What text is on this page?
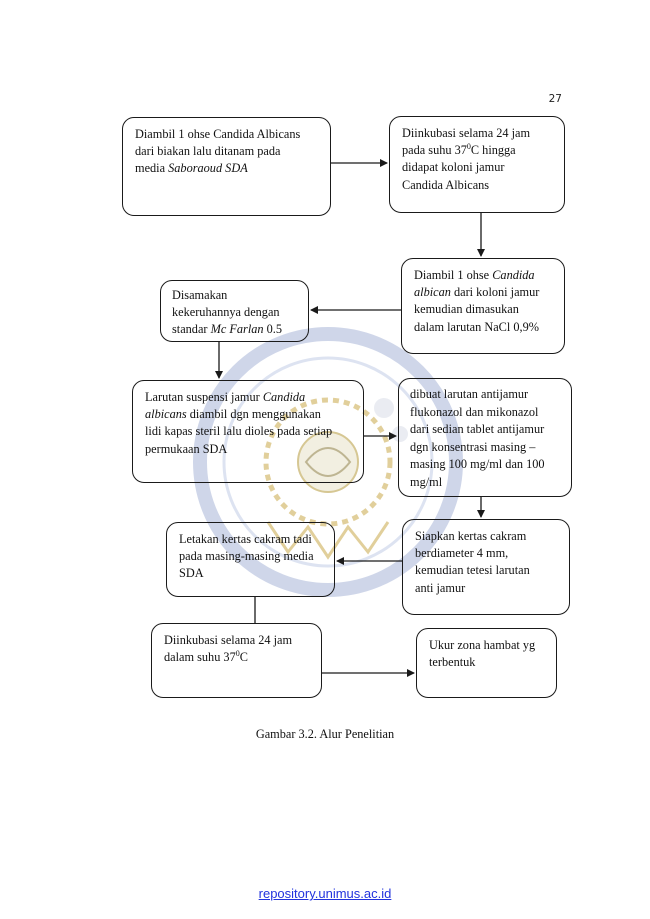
27
Diambil 1 ohse Candida Albicans
dari biakan lalu ditanam pada
media Saboraoud SDA
Diinkubasi selama 24 jam
pada suhu $37^0C$ hingga
didapat koloni jamur
Candida Albicans
Disamakan
kekeruhannya dengan
standar Mc Farlan 0.5
Diambil 1 ohse Candida
albican dari koloni jamur
kemudian dimasukan
dalam larutan NaCl 0,9%
Larutan suspensi jamur Candida
albicans diambil dgn menggunakan
lidi kapas steril lalu dioles pada setiap
permukaan SDA
dibuat larutan antijamur
flukonazol dan mikonazol
dari sedian tablet antijamur
dgn konsentrasi masing –
masing 100 mg/ml dan 100
mg/ml
Letakan kertas cakram tadi
pada masing-masing media
SDA
Siapkan kertas cakram
berdiameter 4 mm,
kemudian tetesi larutan
anti jamur
Diinkubasi selama 24 jam
dalam suhu $37^0C$
Ukur zona hambat yg
terbentuk
Gambar 3.2. Alur Penelitian
repository.unimus.ac.id
